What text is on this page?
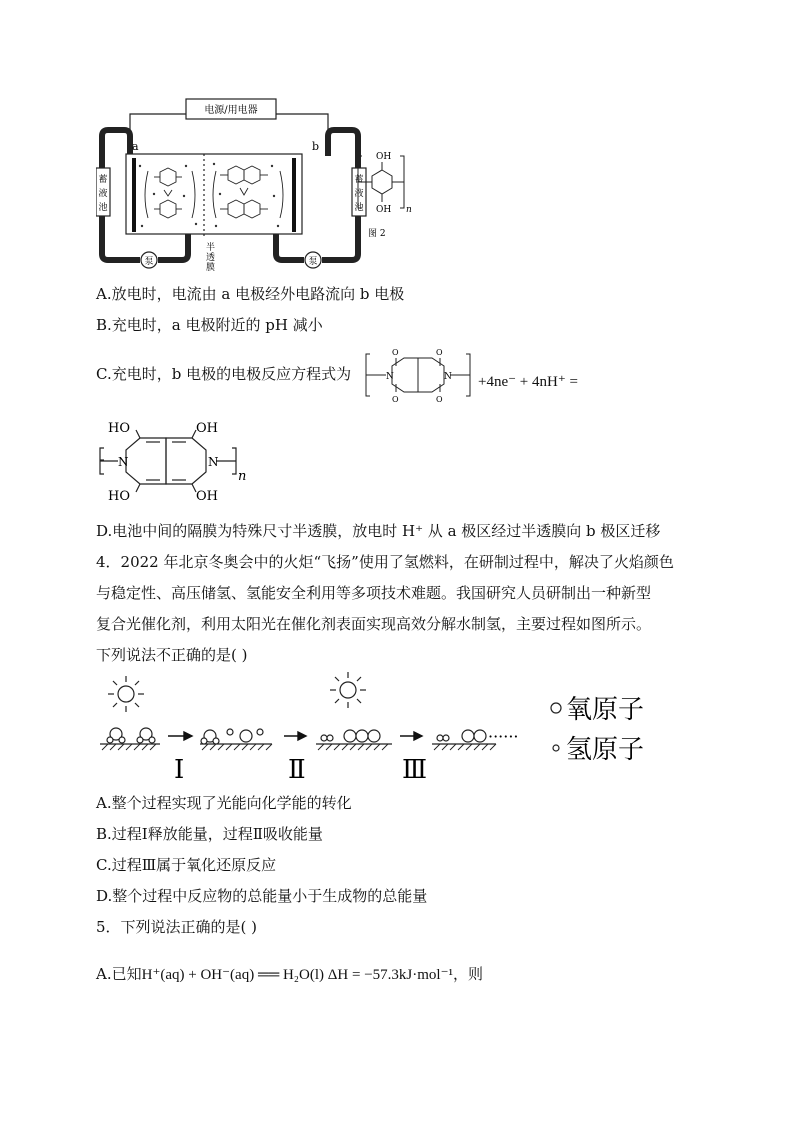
电源/用电器
蓄
液
池
蓄
液
池
泵	泵
a	b
半
透
膜
OH
OH n
图 2
A.放电时，电流由 a 电极经外电路流向 b 电极
B.充电时，a 电极附近的 pH 减小
C.充电时，b 电极的电极反应方程式为	N	N
O	O
O	O
+4ne⁻ + 4nH⁺ =
HO	OH
HO	OH
N	N
n
D.电池中间的隔膜为特殊尺寸半透膜，放电时 H⁺ 从 a 极区经过半透膜向 b 极区迁移
4．2022 年北京冬奥会中的火炬“飞扬”使用了氢燃料，在研制过程中，解决了火焰颜色
与稳定性、高压储氢、氢能安全利用等多项技术难题。我国研究人员研制出一种新型
复合光催化剂，利用太阳光在催化剂表面实现高效分解水制氢，主要过程如图所示。
下列说法不正确的是( )
······
Ⅰ	Ⅱ	Ⅲ
氧原子
氢原子
A.整个过程实现了光能向化学能的转化
B.过程Ⅰ释放能量，过程Ⅱ吸收能量
C.过程Ⅲ属于氧化还原反应
D.整个过程中反应物的总能量小于生成物的总能量
5．下列说法正确的是( )
A.已知H⁺(aq) + OH⁻(aq) ══ H₂O(l) ΔH = −57.3kJ·mol⁻¹，则
